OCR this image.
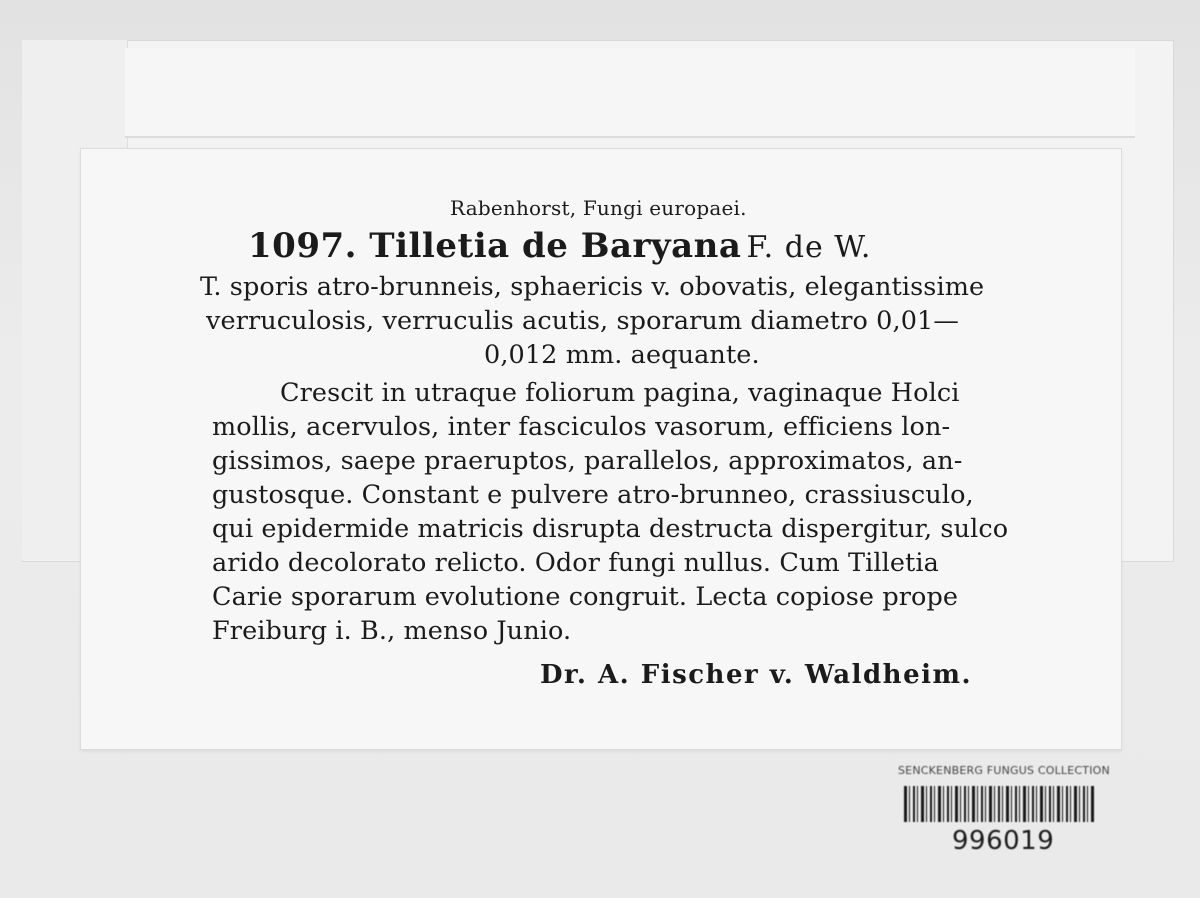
Rabenhorst, Fungi europaei.
1097. Tilletia de Baryana F. de W.
T. sporis atro-brunneis, sphaericis v. obovatis, elegantissime
verruculosis, verruculis acutis, sporarum diametro 0,01—
0,012 mm. aequante.
Crescit in utraque foliorum pagina, vaginaque Holci
mollis, acervulos, inter fasciculos vasorum, efficiens lon-
gissimos, saepe praeruptos, parallelos, approximatos, an-
gustosque. Constant e pulvere atro-brunneo, crassiusculo,
qui epidermide matricis disrupta destructa dispergitur, sulco
arido decolorato relicto. Odor fungi nullus. Cum Tilletia
Carie sporarum evolutione congruit. Lecta copiose prope
Freiburg i. B., menso Junio.
Dr. A. Fischer v. Waldheim.
SENCKENBERG FUNGUS COLLECTION
996019
